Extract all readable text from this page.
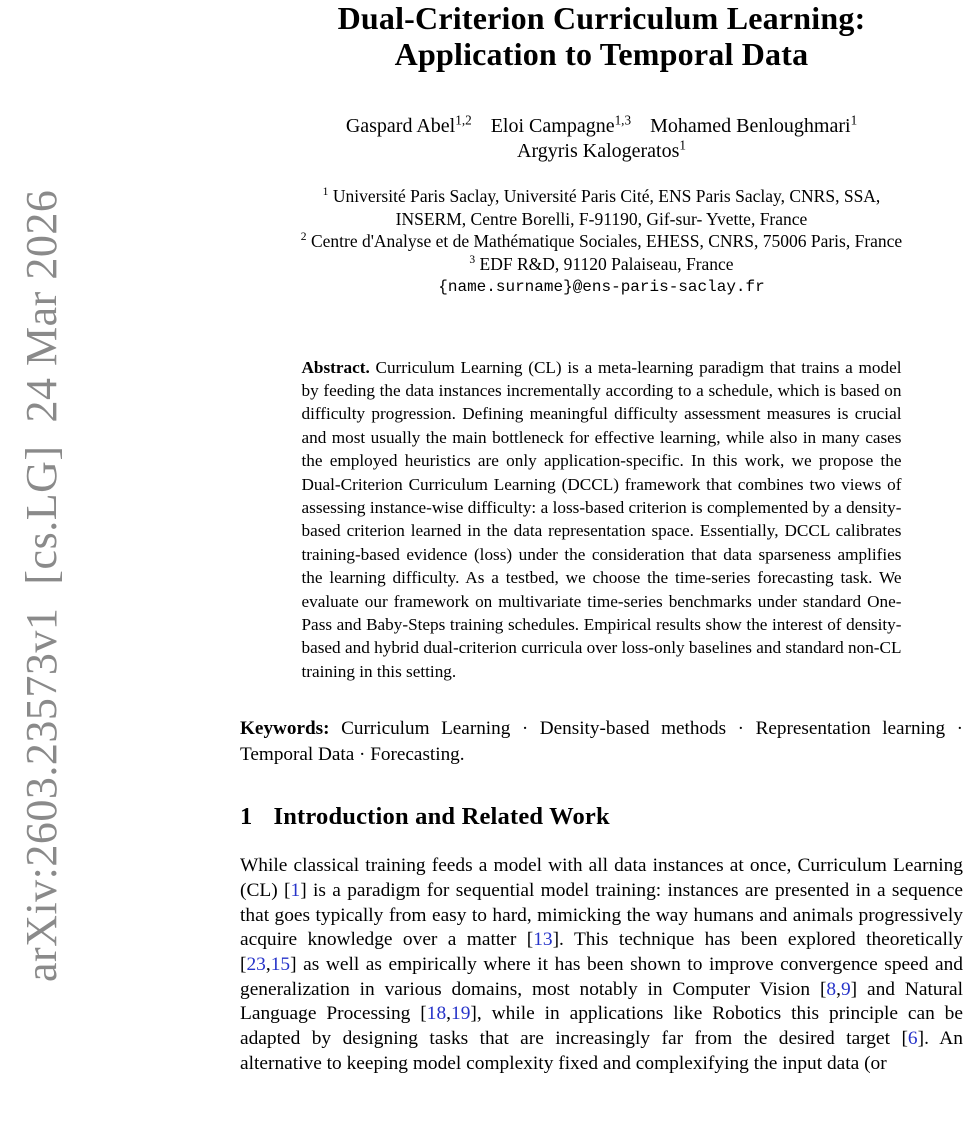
arXiv:2603.23573v1  [cs.LG]  24 Mar 2026
Dual-Criterion Curriculum Learning:
Application to Temporal Data
Gaspard Abel$^{1,2}$ Eloi Campagne$^{1,3}$ Mohamed Benloughmari$^1$
Argyris Kalogeratos$^1$
$^1$ Université Paris Saclay, Université Paris Cité, ENS Paris Saclay, CNRS, SSA,
INSERM, Centre Borelli, F-91190, Gif-sur- Yvette, France
$^2$ Centre d'Analyse et de Mathématique Sociales, EHESS, CNRS, 75006 Paris, France
$^3$ EDF R&D, 91120 Palaiseau, France
{name.surname}@ens-paris-saclay.fr

Abstract. Curriculum Learning (CL) is a meta-learning paradigm that trains a model by feeding the data instances incrementally according to a schedule, which is based on difficulty progression. Defining meaningful difficulty assessment measures is crucial and most usually the main bottleneck for effective learning, while also in many cases the employed heuristics are only application-specific. In this work, we propose the Dual-Criterion Curriculum Learning (DCCL) framework that combines two views of assessing instance-wise difficulty: a loss-based criterion is complemented by a density-based criterion learned in the data representation space. Essentially, DCCL calibrates training-based evidence (loss) under the consideration that data sparseness amplifies the learning difficulty. As a testbed, we choose the time-series forecasting task. We evaluate our framework on multivariate time-series benchmarks under standard One-Pass and Baby-Steps training schedules. Empirical results show the interest of density-based and hybrid dual-criterion curricula over loss-only baselines and standard non-CL training in this setting.

Keywords: Curriculum Learning · Density-based methods · Representation learning · Temporal Data · Forecasting.

1 Introduction and Related Work

While classical training feeds a model with all data instances at once, Curriculum Learning (CL) [1] is a paradigm for sequential model training: instances are presented in a sequence that goes typically from easy to hard, mimicking the way humans and animals progressively acquire knowledge over a matter [13]. This technique has been explored theoretically [23,15] as well as empirically where it has been shown to improve convergence speed and generalization in various domains, most notably in Computer Vision [8,9] and Natural Language Processing [18,19], while in applications like Robotics this principle can be adapted by designing tasks that are increasingly far from the desired target [6]. An alternative to keeping model complexity fixed and complexifying the input data (or
